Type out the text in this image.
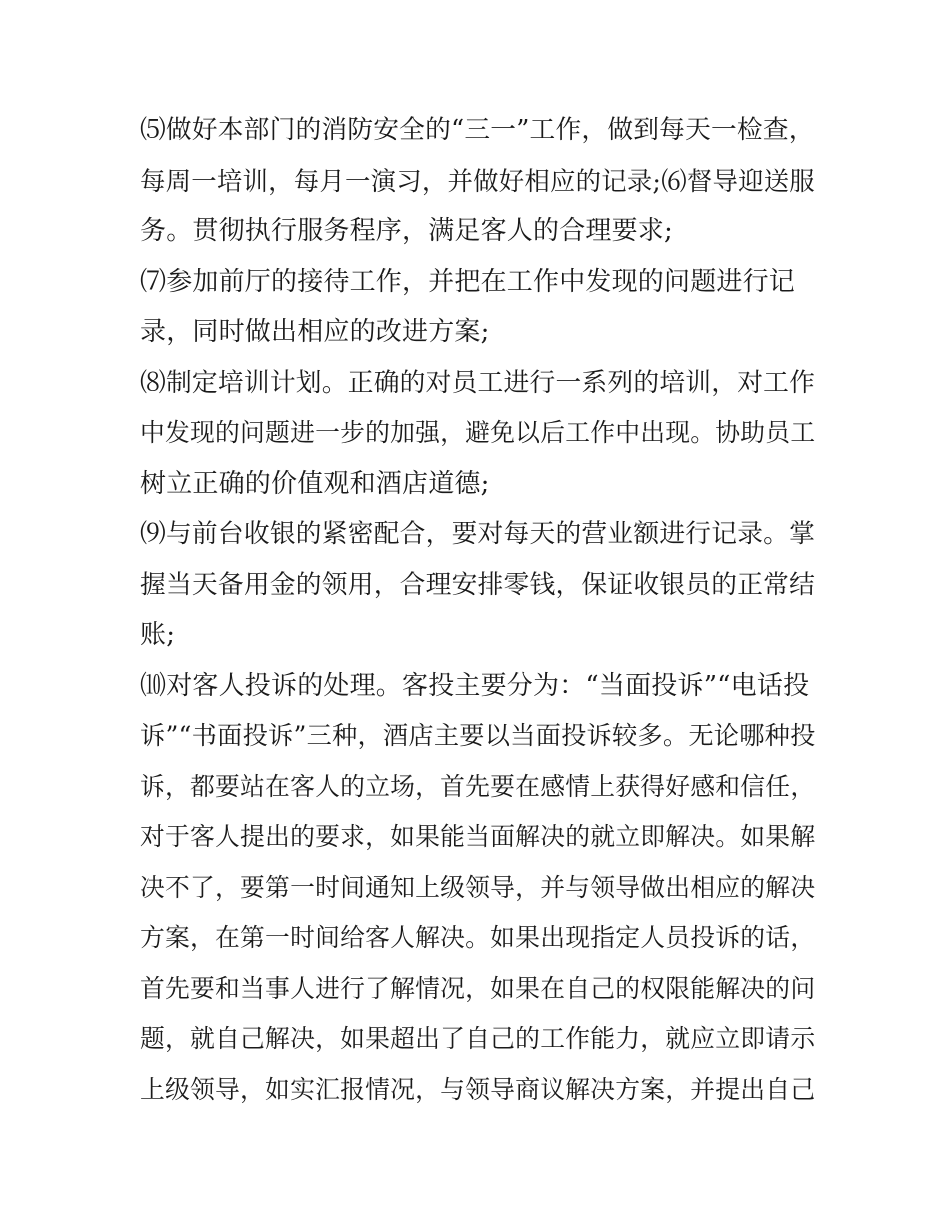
⑸做好本部门的消防安全的“三一”工作，做到每天一检查，
每周一培训，每月一演习，并做好相应的记录;⑹督导迎送服
务。贯彻执行服务程序，满足客人的合理要求;
⑺参加前厅的接待工作，并把在工作中发现的问题进行记
录，同时做出相应的改进方案;
⑻制定培训计划。正确的对员工进行一系列的培训，对工作
中发现的问题进一步的加强，避免以后工作中出现。协助员工
树立正确的价值观和酒店道德;
⑼与前台收银的紧密配合，要对每天的营业额进行记录。掌
握当天备用金的领用，合理安排零钱，保证收银员的正常结
账;
⑽对客人投诉的处理。客投主要分为：“当面投诉”“电话投
诉”“书面投诉”三种，酒店主要以当面投诉较多。无论哪种投
诉，都要站在客人的立场，首先要在感情上获得好感和信任，
对于客人提出的要求，如果能当面解决的就立即解决。如果解
决不了，要第一时间通知上级领导，并与领导做出相应的解决
方案，在第一时间给客人解决。如果出现指定人员投诉的话，
首先要和当事人进行了解情况，如果在自己的权限能解决的问
题，就自己解决，如果超出了自己的工作能力，就应立即请示
上级领导，如实汇报情况，与领导商议解决方案，并提出自己
